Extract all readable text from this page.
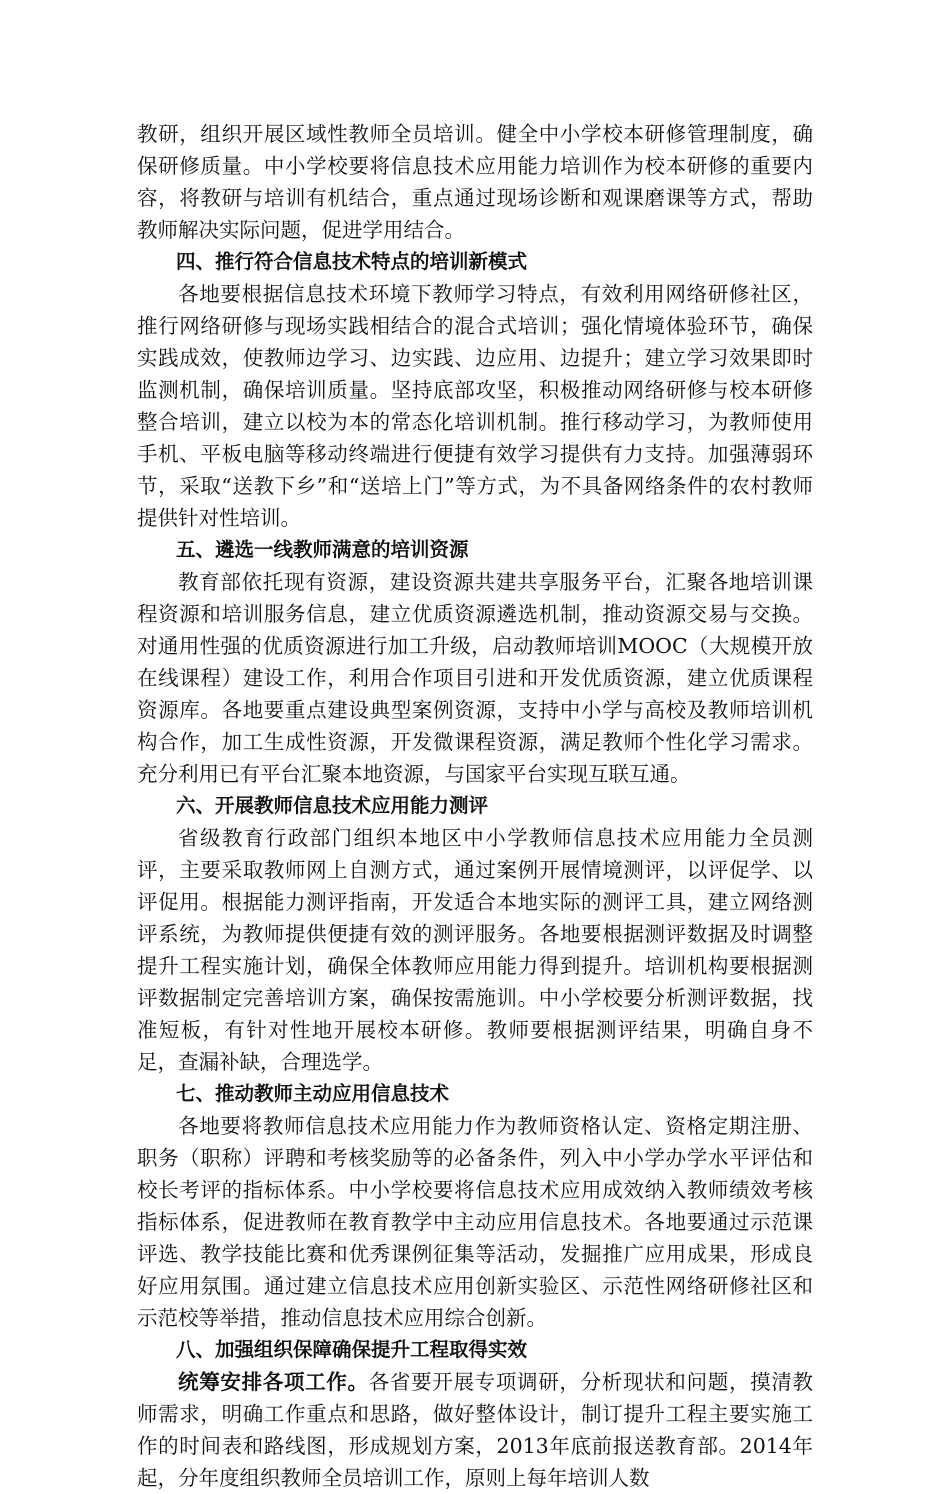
教研，组织开展区域性教师全员培训。健全中小学校本研修管理制度，确保研修质量。中小学校要将信息技术应用能力培训作为校本研修的重要内容，将教研与培训有机结合，重点通过现场诊断和观课磨课等方式，帮助教师解决实际问题，促进学用结合。

四、推行符合信息技术特点的培训新模式

各地要根据信息技术环境下教师学习特点，有效利用网络研修社区，推行网络研修与现场实践相结合的混合式培训；强化情境体验环节，确保实践成效，使教师边学习、边实践、边应用、边提升；建立学习效果即时监测机制，确保培训质量。坚持底部攻坚，积极推动网络研修与校本研修整合培训，建立以校为本的常态化培训机制。推行移动学习，为教师使用手机、平板电脑等移动终端进行便捷有效学习提供有力支持。加强薄弱环节，采取“送教下乡”和“送培上门”等方式，为不具备网络条件的农村教师提供针对性培训。

五、遴选一线教师满意的培训资源

教育部依托现有资源，建设资源共建共享服务平台，汇聚各地培训课程资源和培训服务信息，建立优质资源遴选机制，推动资源交易与交换。对通用性强的优质资源进行加工升级，启动教师培训MOOC（大规模开放在线课程）建设工作，利用合作项目引进和开发优质资源，建立优质课程资源库。各地要重点建设典型案例资源，支持中小学与高校及教师培训机构合作，加工生成性资源，开发微课程资源，满足教师个性化学习需求。充分利用已有平台汇聚本地资源，与国家平台实现互联互通。

六、开展教师信息技术应用能力测评

省级教育行政部门组织本地区中小学教师信息技术应用能力全员测评，主要采取教师网上自测方式，通过案例开展情境测评，以评促学、以评促用。根据能力测评指南，开发适合本地实际的测评工具，建立网络测评系统，为教师提供便捷有效的测评服务。各地要根据测评数据及时调整提升工程实施计划，确保全体教师应用能力得到提升。培训机构要根据测评数据制定完善培训方案，确保按需施训。中小学校要分析测评数据，找准短板，有针对性地开展校本研修。教师要根据测评结果，明确自身不足，查漏补缺，合理选学。

七、推动教师主动应用信息技术

各地要将教师信息技术应用能力作为教师资格认定、资格定期注册、职务（职称）评聘和考核奖励等的必备条件，列入中小学办学水平评估和校长考评的指标体系。中小学校要将信息技术应用成效纳入教师绩效考核指标体系，促进教师在教育教学中主动应用信息技术。各地要通过示范课评选、教学技能比赛和优秀课例征集等活动，发掘推广应用成果，形成良好应用氛围。通过建立信息技术应用创新实验区、示范性网络研修社区和示范校等举措，推动信息技术应用综合创新。

八、加强组织保障确保提升工程取得实效

统筹安排各项工作。各省要开展专项调研，分析现状和问题，摸清教师需求，明确工作重点和思路，做好整体设计，制订提升工程主要实施工作的时间表和路线图，形成规划方案，2013年底前报送教育部。2014年起，分年度组织教师全员培训工作，原则上每年培训人数
